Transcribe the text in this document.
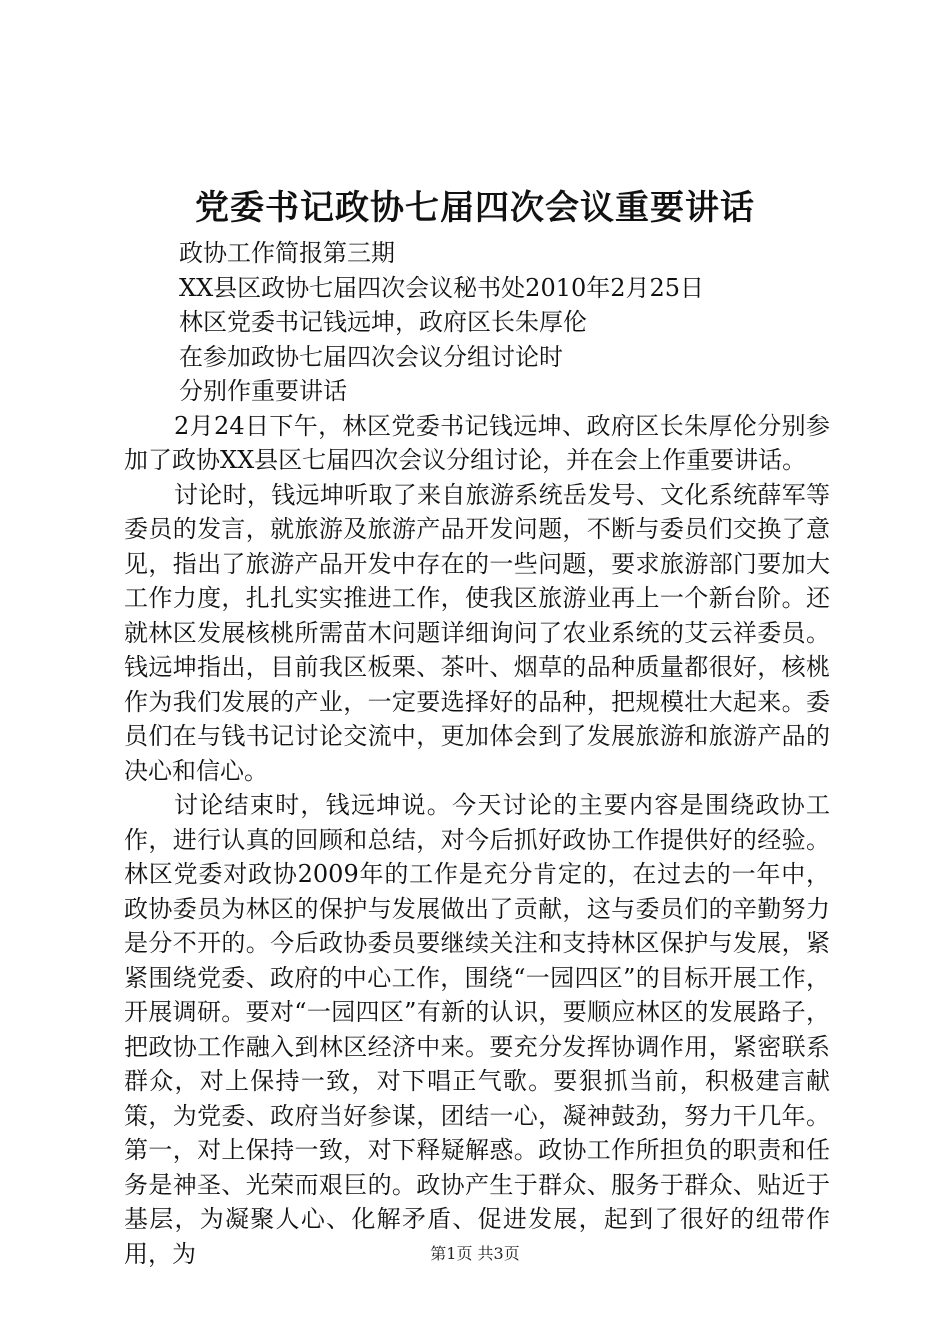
党委书记政协七届四次会议重要讲话

政协工作简报第三期

XX县区政协七届四次会议秘书处2010年2月25日

林区党委书记钱远坤，政府区长朱厚伦

在参加政协七届四次会议分组讨论时

分别作重要讲话

2月24日下午，林区党委书记钱远坤、政府区长朱厚伦分别参加了政协XX县区七届四次会议分组讨论，并在会上作重要讲话。

讨论时，钱远坤听取了来自旅游系统岳发号、文化系统薛军等委员的发言，就旅游及旅游产品开发问题，不断与委员们交换了意见，指出了旅游产品开发中存在的一些问题，要求旅游部门要加大工作力度，扎扎实实推进工作，使我区旅游业再上一个新台阶。还就林区发展核桃所需苗木问题详细询问了农业系统的艾云祥委员。钱远坤指出，目前我区板栗、茶叶、烟草的品种质量都很好，核桃作为我们发展的产业，一定要选择好的品种，把规模壮大起来。委员们在与钱书记讨论交流中，更加体会到了发展旅游和旅游产品的决心和信心。

讨论结束时，钱远坤说。今天讨论的主要内容是围绕政协工作，进行认真的回顾和总结，对今后抓好政协工作提供好的经验。林区党委对政协2009年的工作是充分肯定的，在过去的一年中，政协委员为林区的保护与发展做出了贡献，这与委员们的辛勤努力是分不开的。今后政协委员要继续关注和支持林区保护与发展，紧紧围绕党委、政府的中心工作，围绕“一园四区”的目标开展工作，开展调研。要对“一园四区”有新的认识，要顺应林区的发展路子，把政协工作融入到林区经济中来。要充分发挥协调作用，紧密联系群众，对上保持一致，对下唱正气歌。要狠抓当前，积极建言献策，为党委、政府当好参谋，团结一心，凝神鼓劲，努力干几年。第一，对上保持一致，对下释疑解惑。政协工作所担负的职责和任务是神圣、光荣而艰巨的。政协产生于群众、服务于群众、贴近于基层，为凝聚人心、化解矛盾、促进发展，起到了很好的纽带作用，为	第1页 共3页
